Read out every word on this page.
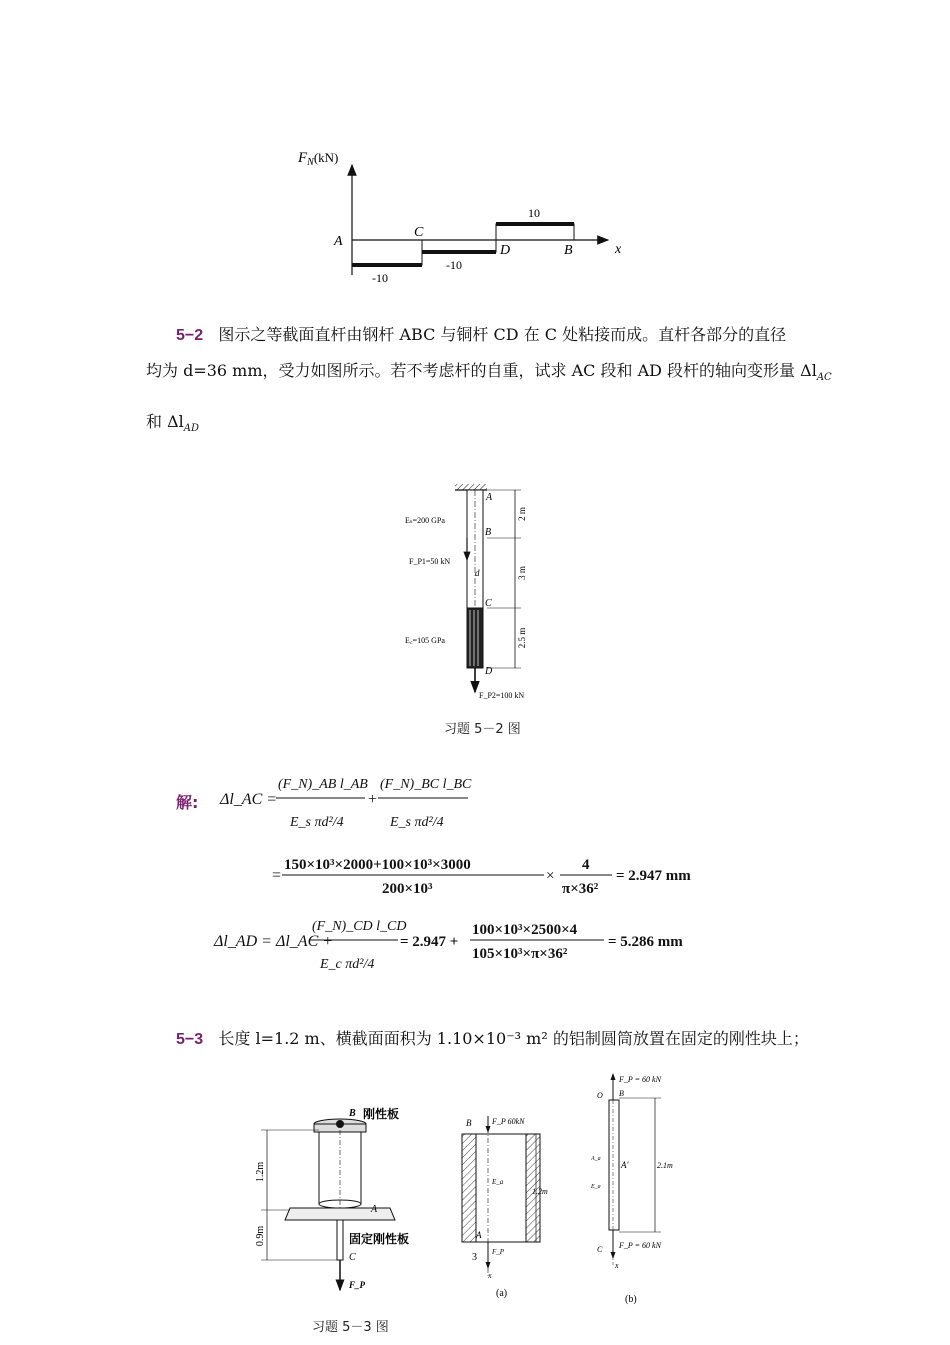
$F_N(kN)$
x
A
C
D	B
-10
-10
10
5−2 图示之等截面直杆由钢杆 ABC 与铜杆 CD 在 C 处粘接而成。直杆各部分的直径
均为 d=36 mm，受力如图所示。若不考虑杆的自重，试求 AC 段和 AD 段杆的轴向变形量 $\Delta l_{AC}$
和 $\Delta l_{AD}$
A
B
C
D
d
Eₛ=200 GPa
F_P1=50 kN
E꜀=105 GPa
F_P2=100 kN
2 m
3 m
2.5 m
习题 5－2 图
解: Δl_AC =
(F_N)_AB l_AB
E_s πd²/4
+
(F_N)_BC l_BC
E_s πd²/4
=
150×10³×2000+100×10³×3000
200×10³
×
4
π×36²
= 2.947 mm
Δl_AD = Δl_AC +
(F_N)_CD l_CD
E_c πd²/4
= 2.947 +
100×10³×2500×4
105×10³×π×36²
= 5.286 mm
5−3 长度 l=1.2 m、横截面面积为 1.10×10⁻³ m² 的铝制圆筒放置在固定的刚性块上；
B 刚性板
A
固定刚性板
C
F_P
1.2m
0.9m
B	F_P 60kN
E_a
1.2m
A
3 F_P
x
(a)
F_P = 60 kN
O B
A_a
E_a
A'	2.1m
C F_P = 60 kN
x
(b)
习题 5－3 图
